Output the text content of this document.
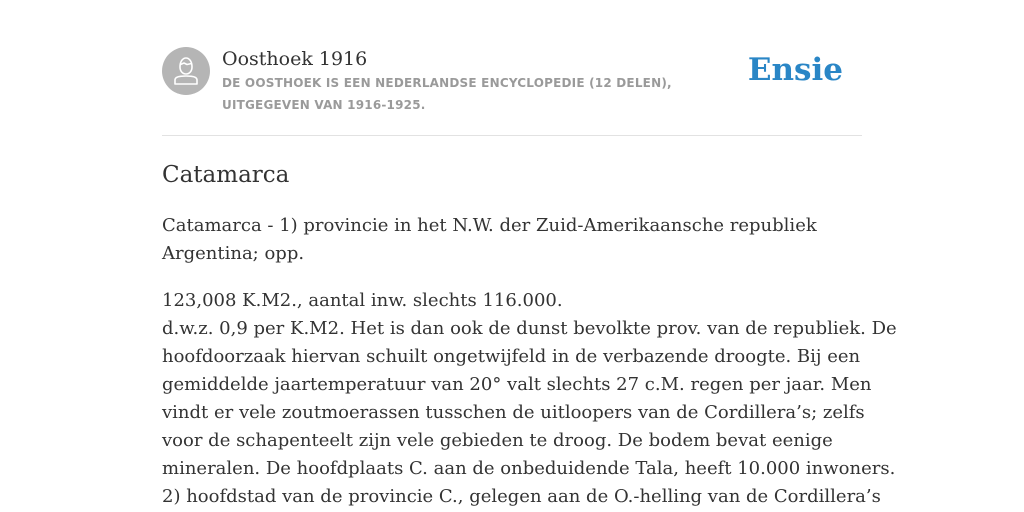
Oosthoek 1916
DE OOSTHOEK IS EEN NEDERLANDSE ENCYCLOPEDIE (12 DELEN), UITGEGEVEN VAN 1916-1925.
Ensie
Catamarca

Catamarca - 1) provincie in het N.W. der Zuid-Amerikaansche republiek Argentina; opp.

123,008 K.M2., aantal inw. slechts 116.000.
d.w.z. 0,9 per K.M2. Het is dan ook de dunst bevolkte prov. van de republiek. De
hoofdoorzaak hiervan schuilt ongetwijfeld in de verbazende droogte. Bij een
gemiddelde jaartemperatuur van 20° valt slechts 27 c.M. regen per jaar. Men
vindt er vele zoutmoerassen tusschen de uitloopers van de Cordillera’s; zelfs
voor de schapenteelt zijn vele gebieden te droog. De bodem bevat eenige
mineralen. De hoofdplaats C. aan de onbeduidende Tala, heeft 10.000 inwoners.
2) hoofdstad van de provincie C., gelegen aan de O.-helling van de Cordillera’s
